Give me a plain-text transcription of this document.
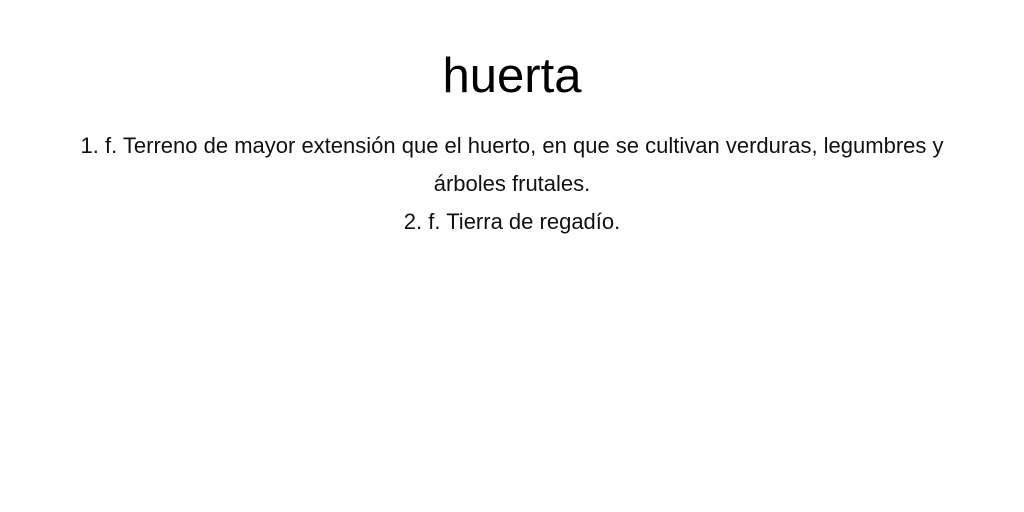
huerta
1. f. Terreno de mayor extensión que el huerto, en que se cultivan verduras, legumbres y árboles frutales.
2. f. Tierra de regadío.
